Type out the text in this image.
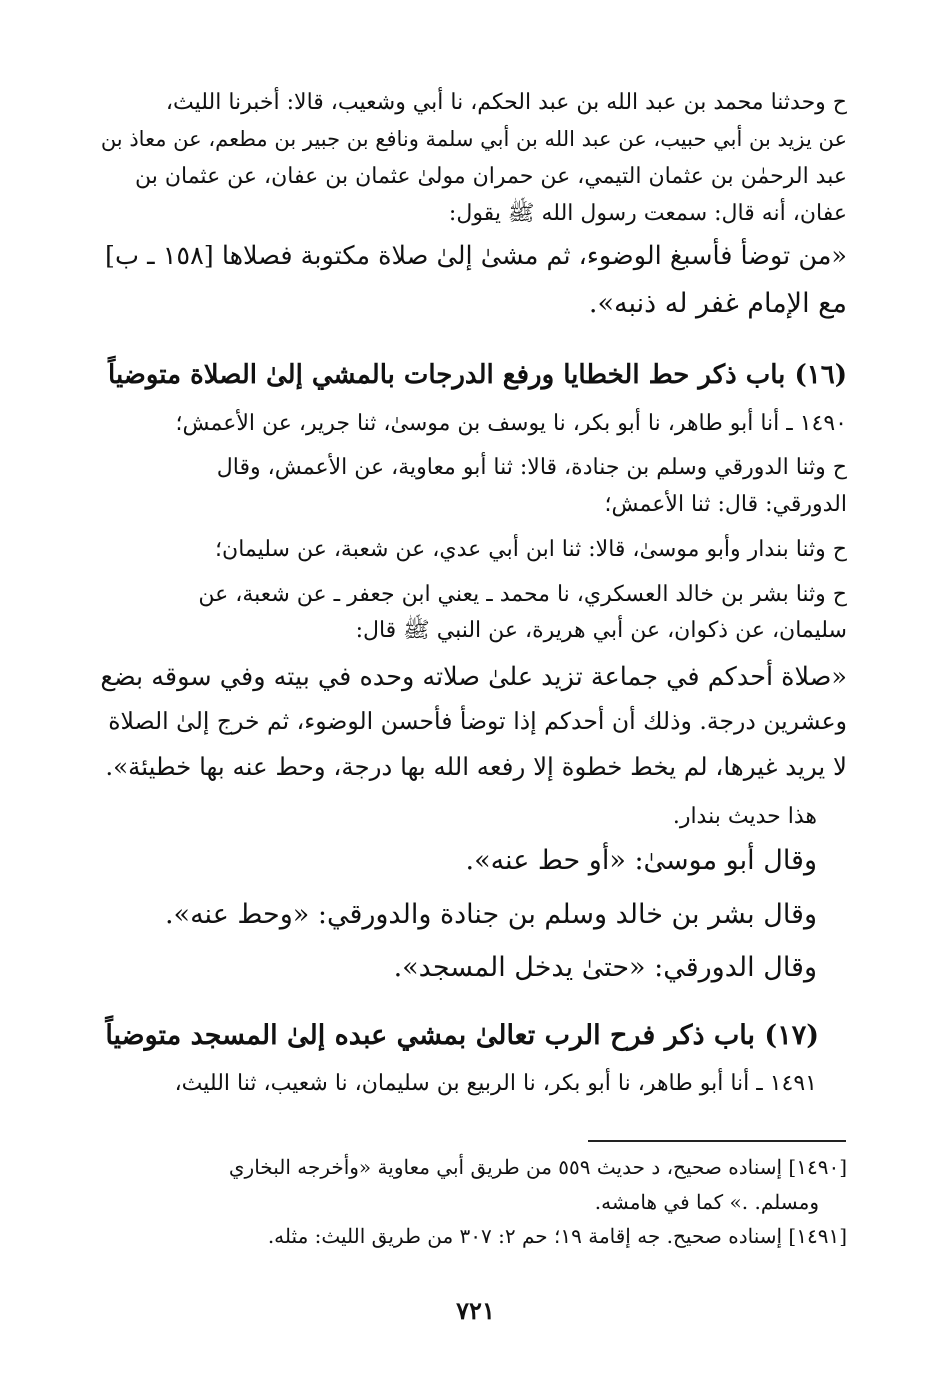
ح وحدثنا محمد بن عبد الله بن عبد الحكم، نا أبي وشعيب، قالا: أخبرنا الليث،
عن يزيد بن أبي حبيب، عن عبد الله بن أبي سلمة ونافع بن جبير بن مطعم، عن معاذ بن
عبد الرحمٰن بن عثمان التيمي، عن حمران مولىٰ عثمان بن عفان، عن عثمان بن
عفان، أنه قال: سمعت رسول الله ﷺ يقول:
«من توضأ فأسبغ الوضوء، ثم مشىٰ إلىٰ صلاة مكتوبة فصلاها [١٥٨ ـ ب]
مع الإمام غفر له ذنبه».
(١٦) باب ذكر حط الخطايا ورفع الدرجات بالمشي إلىٰ الصلاة متوضياً
١٤٩٠ ـ أنا أبو طاهر، نا أبو بكر، نا يوسف بن موسىٰ، ثنا جرير، عن الأعمش؛
ح وثنا الدورقي وسلم بن جنادة، قالا: ثنا أبو معاوية، عن الأعمش، وقال
الدورقي: قال: ثنا الأعمش؛
ح وثنا بندار وأبو موسىٰ، قالا: ثنا ابن أبي عدي، عن شعبة، عن سليمان؛
ح وثنا بشر بن خالد العسكري، نا محمد ـ يعني ابن جعفر ـ عن شعبة، عن
سليمان، عن ذكوان، عن أبي هريرة، عن النبي ﷺ قال:
«صلاة أحدكم في جماعة تزيد علىٰ صلاته وحده في بيته وفي سوقه بضع
وعشرين درجة. وذلك أن أحدكم إذا توضأ فأحسن الوضوء، ثم خرج إلىٰ الصلاة
لا يريد غيرها، لم يخط خطوة إلا رفعه الله بها درجة، وحط عنه بها خطيئة».
هذا حديث بندار.
وقال أبو موسىٰ: «أو حط عنه».
وقال بشر بن خالد وسلم بن جنادة والدورقي: «وحط عنه».
وقال الدورقي: «حتىٰ يدخل المسجد».
(١٧) باب ذكر فرح الرب تعالىٰ بمشي عبده إلىٰ المسجد متوضياً
١٤٩١ ـ أنا أبو طاهر، نا أبو بكر، نا الربيع بن سليمان، نا شعيب، ثنا الليث،
[١٤٩٠] إسناده صحيح، د حديث ٥٥٩ من طريق أبي معاوية «وأخرجه البخاري
ومسلم. .» كما في هامشه.
[١٤٩١] إسناده صحيح. جه إقامة ١٩؛ حم ٢: ٣٠٧ من طريق الليث: مثله.
٧٢١
